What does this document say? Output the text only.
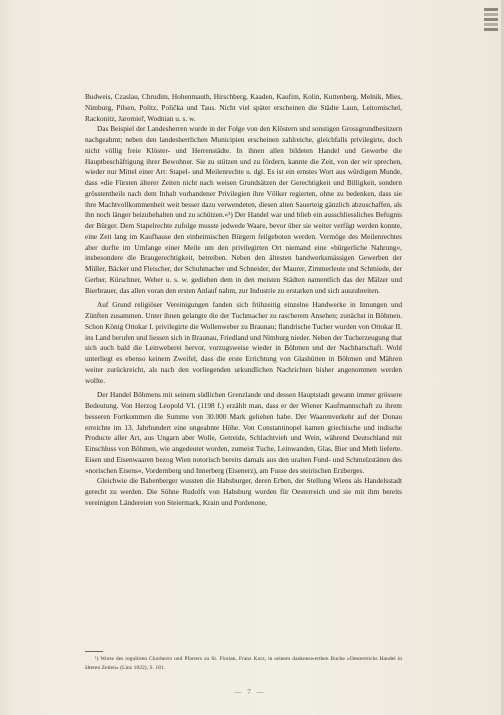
Budweis, Czaslau, Chrudim, Hohenmauth, Hirschberg, Kaaden, Kaufim, Kolin, Kuttenberg, Melnik, Mies, Nimburg, Pilsen, Politz, Polička und Taus. Nicht viel später erscheinen die Städte Laun, Leitomischel, Rackonitz, Jaromieř, Wodnian u. s. w.

Das Beispiel der Landesherren wurde in der Folge von den Klöstern und sonstigen Grossgrundbesitzern nachgeahmt; neben den landesherrlichen Municipien erscheinen zahlreiche, gleichfalls privilegirte, doch nicht völlig freie Klöster- und Herrenstädte. In ihnen allen bildeten Handel und Gewerbe die Hauptbeschäftigung ihrer Bewohner. Sie zu stützen und zu fördern, kannte die Zeit, von der wir sprechen, wieder nur Mittel einer Art: Stapel- und Meilenrechte u. dgl. Es ist ein ernstes Wort aus würdigem Munde, dass »die Fürsten älterer Zeiten nicht nach weisen Grundsätzen der Gerechtigkeit und Billigkeit, sondern grösstentheils nach dem Inhalt vorhandener Privilegien ihre Völker regierten, ohne zu bedenken, dass sie ihre Machtvollkommenheit weit besser dazu verwendeten, diesen alten Sauerteig gänzlich abzuschaffen, als ihn noch länger beizubehalten und zu schützen.«¹) Der Handel war und blieb ein ausschliessliches Befugnis der Bürger. Dem Stapelrechte zufolge musste jedwede Waare, bevor über sie weiter verfügt werden konnte, eine Zeit lang im Kaufhause den einheimischen Bürgern feilgeboten werden. Vermöge des Meilenrechtes aber durfte im Umfange einer Meile um den privilegirten Ort niemand eine »bürgerliche Nahrung«, insbesondere die Braugerechtigkeit, betreiben. Neben den ältesten handwerksmässigen Gewerben der Müller, Bäcker und Fleischer, der Schuhmacher und Schneider, der Maurer, Zimmerleute und Schmiede, der Gerber, Kürschner, Weber u. s. w. gediehen dem in den meisten Städten namentlich das der Mälzer und Bierbrauer, das allen voran den ersten Anlauf nahm, zur Industrie zu erstarken und sich auszubreiten.

Auf Grund religiöser Vereinigungen fanden sich frühzeitig einzelne Handwerke in Innungen und Zünften zusammen. Unter ihnen gelangte die der Tuchmacher zu rascherem Ansehen; zunächst in Böhmen. Schon König Ottokar I. privilegirte die Wollenweber zu Braunau; flandrische Tucher wurden von Ottokar II. ins Land berufen und liessen sich in Braunau, Friedland und Nimburg nieder. Neben der Tucherzeugung that sich auch bald die Leinweberei hervor, vorzugsweise wieder in Böhmen und der Nachbarschaft. Wohl unterliegt es ebenso keinem Zweifel, dass die erste Errichtung von Glashütten in Böhmen und Mähren weiter zurückreicht, als nach den vorliegenden urkundlichen Nachrichten bisher angenommen werden wollte.

Der Handel Böhmens mit seinem südlichen Grenzlande und dessen Hauptstadt gewann immer grössere Bedeutung. Von Herzog Leopold VI. (1198 f.) erzählt man, dass er der Wiener Kaufmannschaft zu ihrem besseren Fortkommen die Summe von 30.000 Mark geliehen habe. Der Waarenverkehr auf der Donau erreichte im 13. Jahrhundert eine ungeahnte Höhe. Von Constantinopel kamen griechische und indische Producte aller Art, aus Ungarn aber Wolle, Getreide, Schlachtvieh und Wein, während Deutschland mit Einschluss von Böhmen, wie angedeutet worden, zumeist Tuche, Leinwanden, Glas, Bier und Meth lieferte. Eisen und Eisenwaaren bezog Wien notorisch bereits damals aus den uralten Fund- und Schmelzstätten des »norischen Eisens«, Vordernberg und Innerberg (Eisenerz), am Fusse des steirischen Erzberges.

Gleichwie die Babenberger wussten die Habsburger, deren Erben, der Stellung Wiens als Handelsstadt gerecht zu werden. Die Söhne Rudolfs von Habsburg wurden für Oesterreich und sie mit ihm bereits vereinigten Ländereien von Steiermark, Krain und Pordenone,

¹) Worte des regulirten Chorherrn und Pfarrers zu St. Florian, Franz Kurz, in seinem dankenswerthen Buche »Oesterreichs Handel in älteren Zeiten« (Linz 1822), S. 181.
— 7 —
